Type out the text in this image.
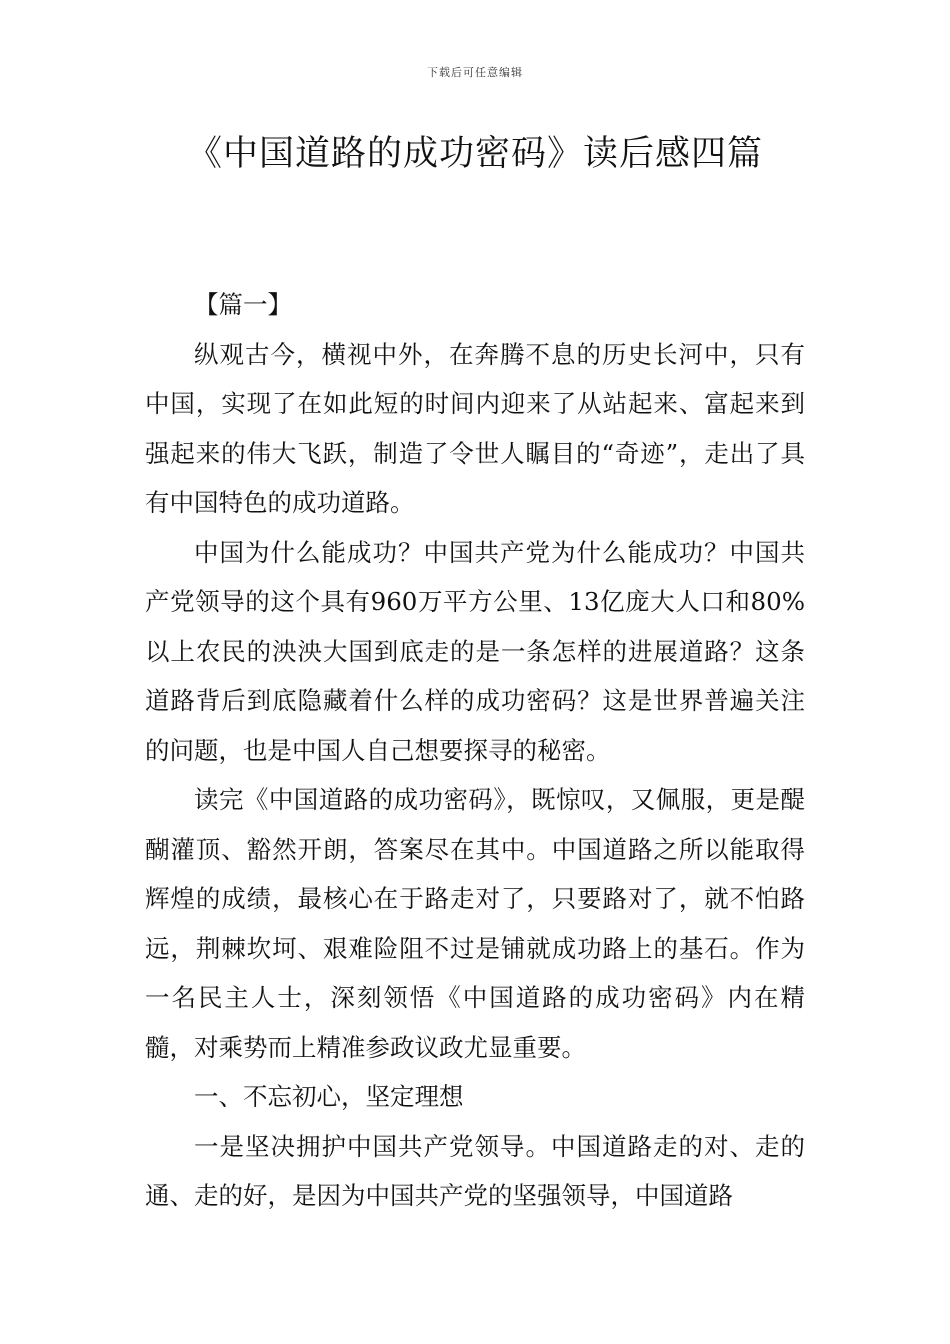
下载后可任意编辑
《中国道路的成功密码》读后感四篇

【篇一】

纵观古今，横视中外，在奔腾不息的历史长河中，只有中国，实现了在如此短的时间内迎来了从站起来、富起来到强起来的伟大飞跃，制造了令世人瞩目的“奇迹”，走出了具有中国特色的成功道路。

中国为什么能成功？中国共产党为什么能成功？中国共产党领导的这个具有960万平方公里、13亿庞大人口和80%以上农民的泱泱大国到底走的是一条怎样的进展道路？这条道路背后到底隐藏着什么样的成功密码？这是世界普遍关注的问题，也是中国人自己想要探寻的秘密。

读完《中国道路的成功密码》，既惊叹，又佩服，更是醍醐灌顶、豁然开朗，答案尽在其中。中国道路之所以能取得辉煌的成绩，最核心在于路走对了，只要路对了，就不怕路远，荆棘坎坷、艰难险阻不过是铺就成功路上的基石。作为一名民主人士，深刻领悟《中国道路的成功密码》内在精髓，对乘势而上精准参政议政尤显重要。

一、不忘初心，坚定理想

一是坚决拥护中国共产党领导。中国道路走的对、走的通、走的好，是因为中国共产党的坚强领导，中国道路
